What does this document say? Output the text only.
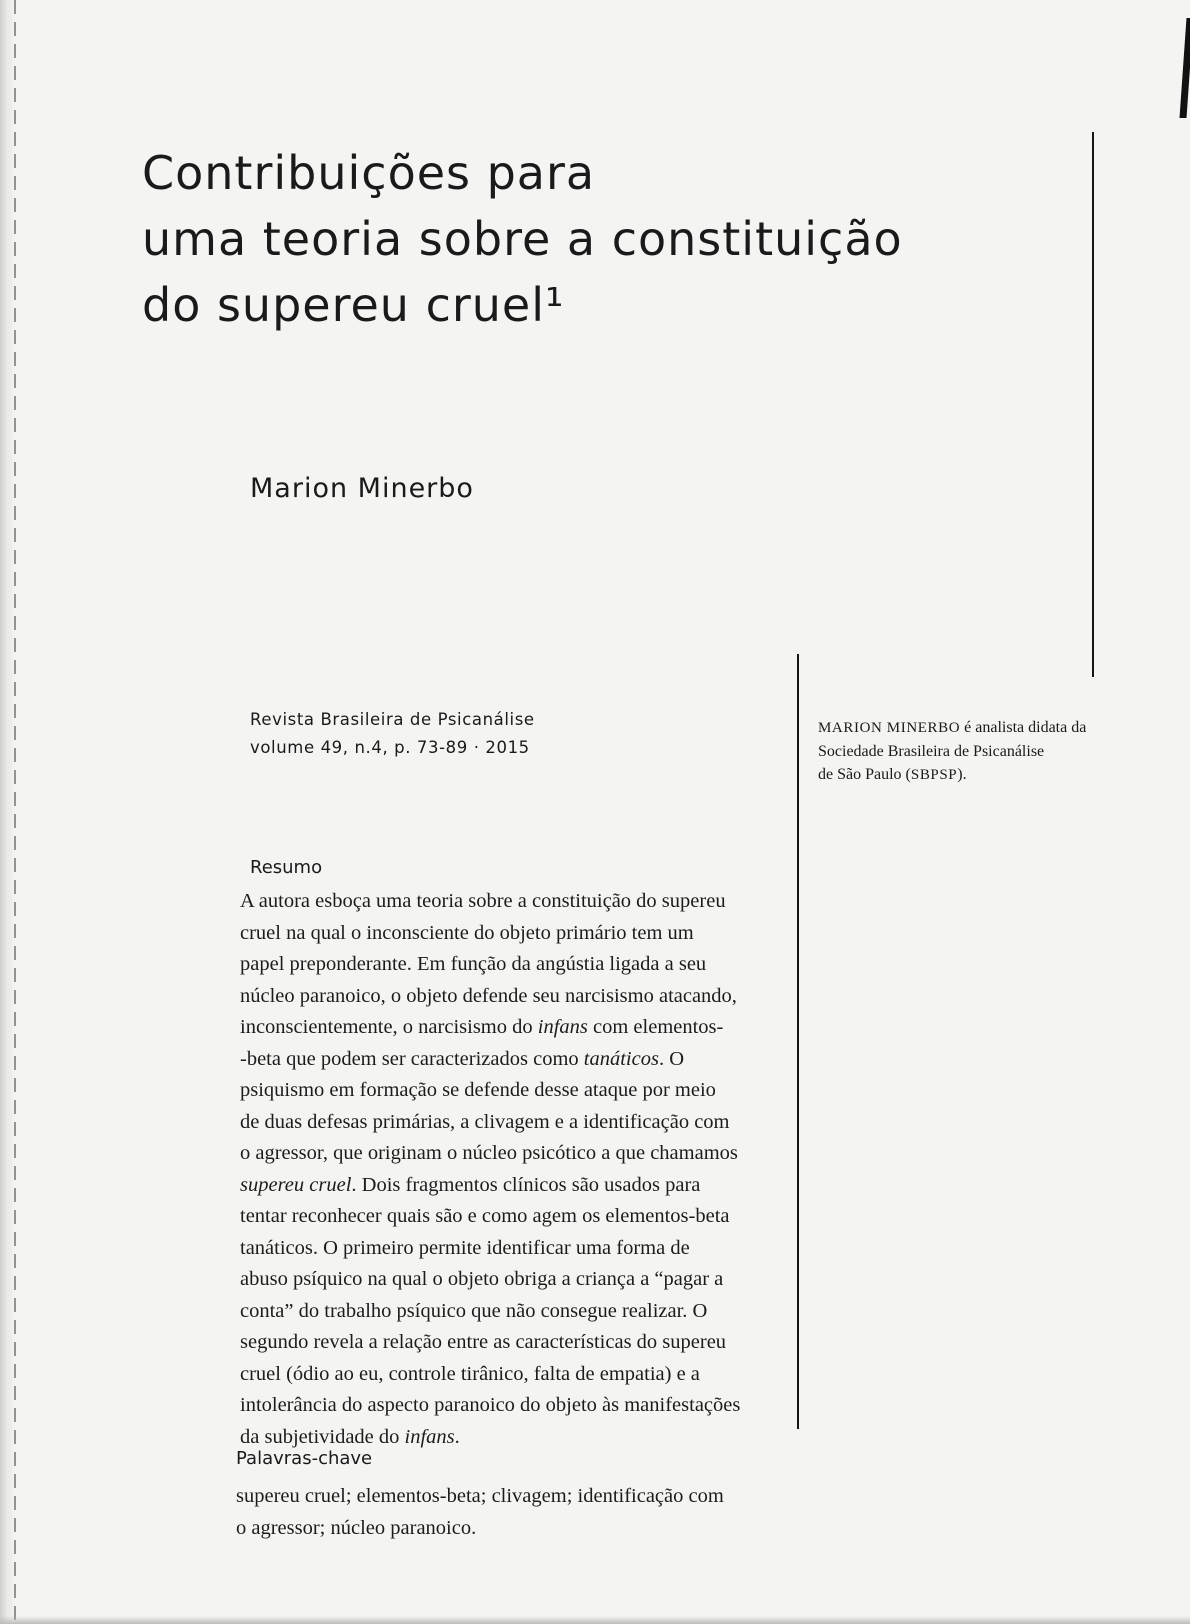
Contribuições para
uma teoria sobre a constituição
do supereu cruel¹

Marion Minerbo

Revista Brasileira de Psicanálise
volume 49, n.4, p. 73-89 · 2015
MARION MINERBO é analista didata da
Sociedade Brasileira de Psicanálise
de São Paulo (SBPSP).
Resumo
A autora esboça uma teoria sobre a constituição do supereu
cruel na qual o inconsciente do objeto primário tem um
papel preponderante. Em função da angústia ligada a seu
núcleo paranoico, o objeto defende seu narcisismo atacando,
inconscientemente, o narcisismo do infans com elementos-
-beta que podem ser caracterizados como tanáticos. O
psiquismo em formação se defende desse ataque por meio
de duas defesas primárias, a clivagem e a identificação com
o agressor, que originam o núcleo psicótico a que chamamos
supereu cruel. Dois fragmentos clínicos são usados para
tentar reconhecer quais são e como agem os elementos-beta
tanáticos. O primeiro permite identificar uma forma de
abuso psíquico na qual o objeto obriga a criança a “pagar a
conta” do trabalho psíquico que não consegue realizar. O
segundo revela a relação entre as características do supereu
cruel (ódio ao eu, controle tirânico, falta de empatia) e a
intolerância do aspecto paranoico do objeto às manifestações
da subjetividade do infans.
Palavras-chave
supereu cruel; elementos-beta; clivagem; identificação com
o agressor; núcleo paranoico.
